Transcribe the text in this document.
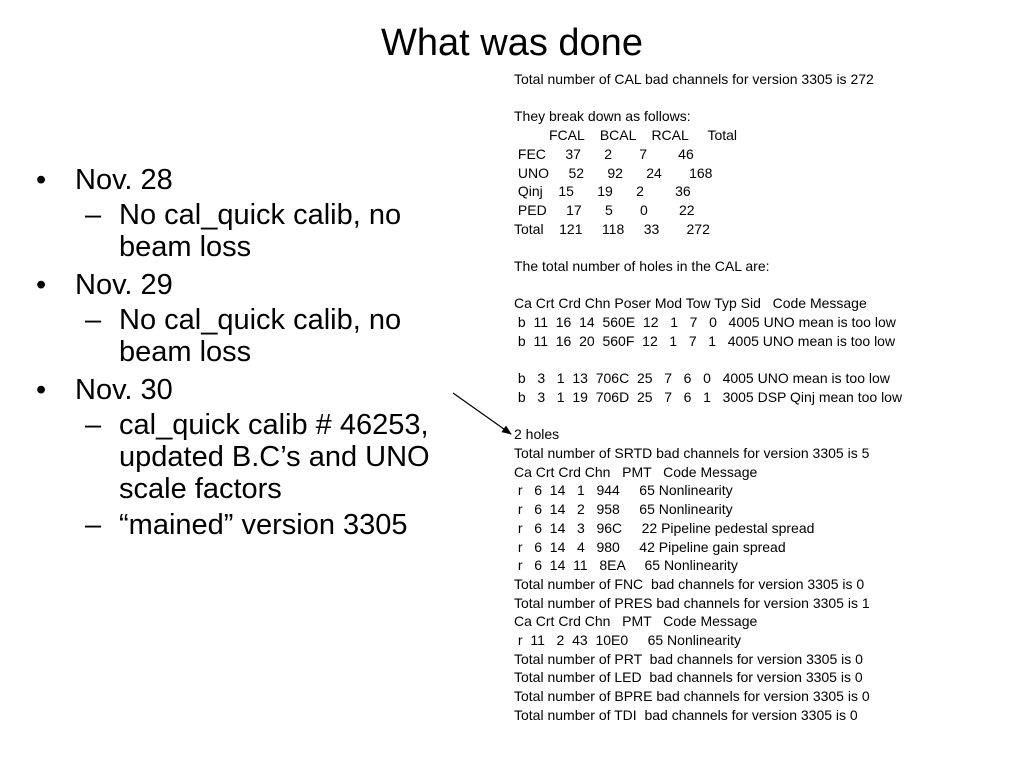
What was done
• Nov. 28
– No cal_quick calib, no beam loss
• Nov. 29
– No cal_quick calib, no beam loss
• Nov. 30
– cal_quick calib # 46253, updated B.C’s and UNO scale factors
– “mained” version 3305
Total number of CAL bad channels for version 3305 is 272
They break down as follows:
FCAL    BCAL    RCAL     Total
FEC     37      2       7        46
UNO     52      92      24       168
Qinj    15      19      2        36
PED     17      5       0        22
Total    121     118     33       272
The total number of holes in the CAL are:
Ca Crt Crd Chn Poser Mod Tow Typ Sid   Code Message
b  11  16  14  560E  12   1   7   0   4005 UNO mean is too low
b  11  16  20  560F  12   1   7   1   4005 UNO mean is too low
b   3   1  13  706C  25   7   6   0   4005 UNO mean is too low
b   3   1  19  706D  25   7   6   1   3005 DSP Qinj mean too low
2 holes
Total number of SRTD bad channels for version 3305 is 5
Ca Crt Crd Chn   PMT   Code Message
r   6  14   1   944     65 Nonlinearity
r   6  14   2   958     65 Nonlinearity
r   6  14   3   96C     22 Pipeline pedestal spread
r   6  14   4   980     42 Pipeline gain spread
r   6  14  11   8EA     65 Nonlinearity
Total number of FNC  bad channels for version 3305 is 0
Total number of PRES bad channels for version 3305 is 1
Ca Crt Crd Chn   PMT   Code Message
r  11   2  43  10E0     65 Nonlinearity
Total number of PRT  bad channels for version 3305 is 0
Total number of LED  bad channels for version 3305 is 0
Total number of BPRE bad channels for version 3305 is 0
Total number of TDI  bad channels for version 3305 is 0
